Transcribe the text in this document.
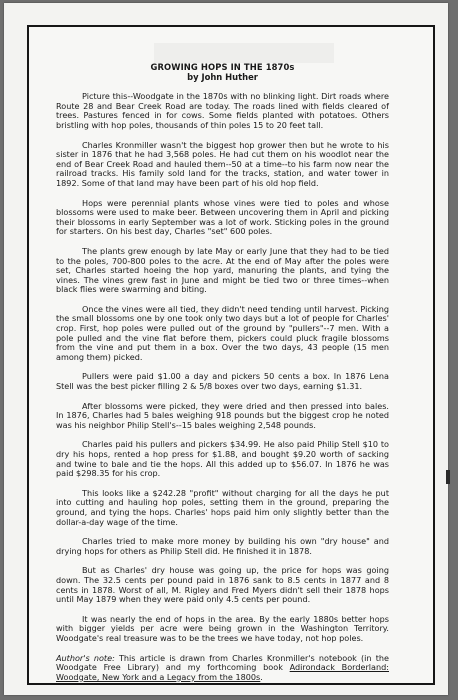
GROWING HOPS IN THE 1870s
by John Huther

Picture this--Woodgate in the 1870s with no blinking light. Dirt roads where Route 28 and Bear Creek Road are today. The roads lined with fields cleared of trees. Pastures fenced in for cows. Some fields planted with potatoes. Others bristling with hop poles, thousands of thin poles 15 to 20 feet tall.

Charles Kronmiller wasn't the biggest hop grower then but he wrote to his sister in 1876 that he had 3,568 poles. He had cut them on his woodlot near the end of Bear Creek Road and hauled them--50 at a time--to his farm now near the railroad tracks. His family sold land for the tracks, station, and water tower in 1892. Some of that land may have been part of his old hop field.

Hops were perennial plants whose vines were tied to poles and whose blossoms were used to make beer. Between uncovering them in April and picking their blossoms in early September was a lot of work. Sticking poles in the ground for starters. On his best day, Charles "set" 600 poles.

The plants grew enough by late May or early June that they had to be tied to the poles, 700-800 poles to the acre. At the end of May after the poles were set, Charles started hoeing the hop yard, manuring the plants, and tying the vines. The vines grew fast in June and might be tied two or three times--when black flies were swarming and biting.

Once the vines were all tied, they didn't need tending until harvest. Picking the small blossoms one by one took only two days but a lot of people for Charles' crop. First, hop poles were pulled out of the ground by "pullers"--7 men. With a pole pulled and the vine flat before them, pickers could pluck fragile blossoms from the vine and put them in a box. Over the two days, 43 people (15 men among them) picked.

Pullers were paid $1.00 a day and pickers 50 cents a box. In 1876 Lena Stell was the best picker filling 2 & 5/8 boxes over two days, earning $1.31.

After blossoms were picked, they were dried and then pressed into bales. In 1876, Charles had 5 bales weighing 918 pounds but the biggest crop he noted was his neighbor Philip Stell's--15 bales weighing 2,548 pounds.

Charles paid his pullers and pickers $34.99. He also paid Philip Stell $10 to dry his hops, rented a hop press for $1.88, and bought $9.20 worth of sacking and twine to bale and tie the hops. All this added up to $56.07. In 1876 he was paid $298.35 for his crop.

This looks like a $242.28 "profit" without charging for all the days he put into cutting and hauling hop poles, setting them in the ground, preparing the ground, and tying the hops. Charles' hops paid him only slightly better than the dollar-a-day wage of the time.

Charles tried to make more money by building his own "dry house" and drying hops for others as Philip Stell did. He finished it in 1878.

But as Charles' dry house was going up, the price for hops was going down. The 32.5 cents per pound paid in 1876 sank to 8.5 cents in 1877 and 8 cents in 1878. Worst of all, M. Rigley and Fred Myers didn't sell their 1878 hops until May 1879 when they were paid only 4.5 cents per pound.

It was nearly the end of hops in the area. By the early 1880s better hops with bigger yields per acre were being grown in the Washington Territory. Woodgate's real treasure was to be the trees we have today, not hop poles.

Author's note: This article is drawn from Charles Kronmiller's notebook (in the Woodgate Free Library) and my forthcoming book Adirondack Borderland: Woodgate, New York and a Legacy from the 1800s.
